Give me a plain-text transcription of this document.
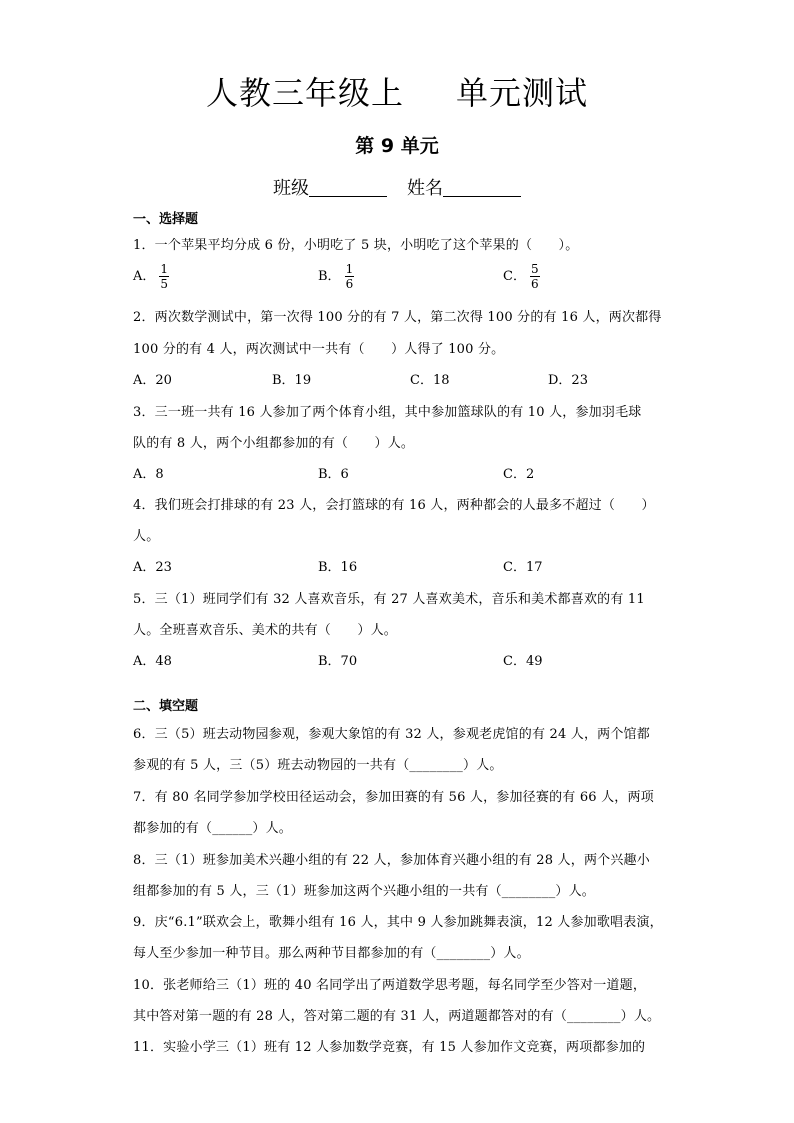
人教三年级上 单元测试
第 9 单元
班级	姓名
一、选择题
1．一个苹果平均分成 6 份，小明吃了 5 块，小明吃了这个苹果的（　　）。
A． $\frac{1}{5}$	B． $\frac{1}{6}$	C． $\frac{5}{6}$
2．两次数学测试中，第一次得 100 分的有 7 人，第二次得 100 分的有 16 人，两次都得
100 分的有 4 人，两次测试中一共有（　　）人得了 100 分。
A．20	B．19	C．18	D．23
3．三一班一共有 16 人参加了两个体育小组，其中参加篮球队的有 10 人，参加羽毛球
队的有 8 人，两个小组都参加的有（　　）人。
A．8	B．6	C．2
4．我们班会打排球的有 23 人，会打篮球的有 16 人，两种都会的人最多不超过（　　）
人。
A．23	B．16	C．17
5．三（1）班同学们有 32 人喜欢音乐，有 27 人喜欢美术，音乐和美术都喜欢的有 11
人。全班喜欢音乐、美术的共有（　　）人。
A．48	B．70	C．49
二、填空题
6．三（5）班去动物园参观，参观大象馆的有 32 人，参观老虎馆的有 24 人，两个馆都
参观的有 5 人，三（5）班去动物园的一共有（________）人。
7．有 80 名同学参加学校田径运动会，参加田赛的有 56 人，参加径赛的有 66 人，两项
都参加的有（______）人。
8．三（1）班参加美术兴趣小组的有 22 人，参加体育兴趣小组的有 28 人，两个兴趣小
组都参加的有 5 人，三（1）班参加这两个兴趣小组的一共有（________）人。
9．庆“6.1”联欢会上，歌舞小组有 16 人，其中 9 人参加跳舞表演，12 人参加歌唱表演，
每人至少参加一种节目。那么两种节目都参加的有（________）人。
10．张老师给三（1）班的 40 名同学出了两道数学思考题，每名同学至少答对一道题，
其中答对第一题的有 28 人，答对第二题的有 31 人，两道题都答对的有（________）人。
11．实验小学三（1）班有 12 人参加数学竞赛，有 15 人参加作文竞赛，两项都参加的
